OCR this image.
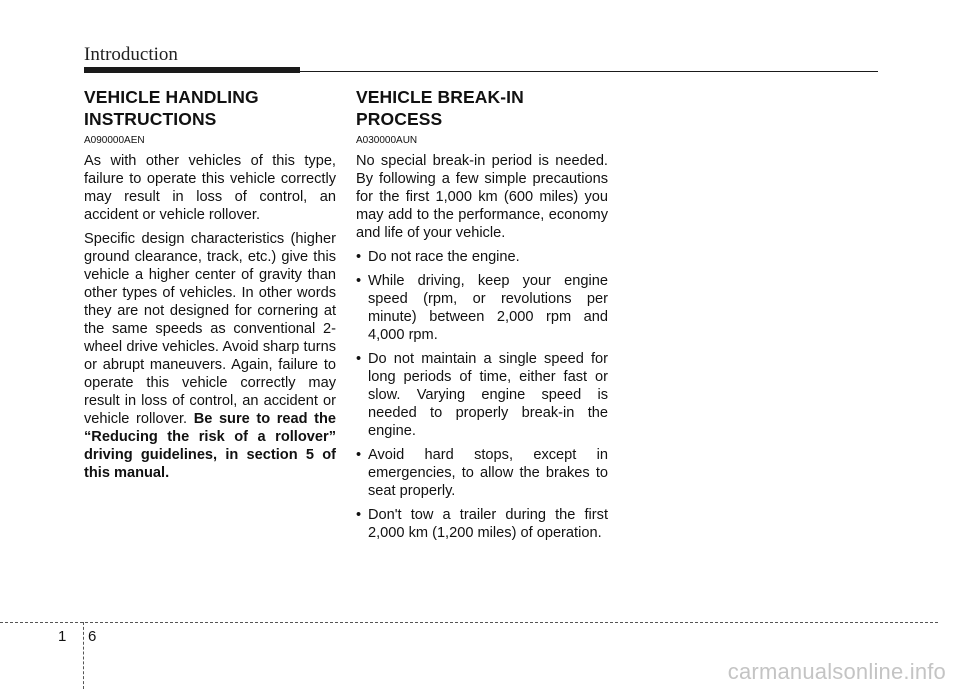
Introduction
VEHICLE HANDLING
INSTRUCTIONS
A090000AEN

As with other vehicles of this type, failure to operate this vehicle correctly may result in loss of control, an accident or vehicle rollover.

Specific design characteristics (higher ground clearance, track, etc.) give this vehicle a higher center of gravity than other types of vehicles. In other words they are not designed for cornering at the same speeds as conventional 2-wheel drive vehicles. Avoid sharp turns or abrupt maneuvers. Again, failure to operate this vehicle correctly may result in loss of control, an accident or vehicle rollover. Be sure to read the “Reducing the risk of a rollover” driving guidelines, in section 5 of this manual.

VEHICLE BREAK-IN
PROCESS
A030000AUN

No special break-in period is needed. By following a few simple precautions for the first 1,000 km (600 miles) you may add to the performance, economy and life of your vehicle.

• Do not race the engine.
• While driving, keep your engine speed (rpm, or revolutions per minute) between 2,000 rpm and 4,000 rpm.
• Do not maintain a single speed for long periods of time, either fast or slow. Varying engine speed is needed to properly break-in the engine.
• Avoid hard stops, except in emergencies, to allow the brakes to seat properly.
• Don't tow a trailer during the first 2,000 km (1,200 miles) of operation.
1 6
carmanualsonline.info
